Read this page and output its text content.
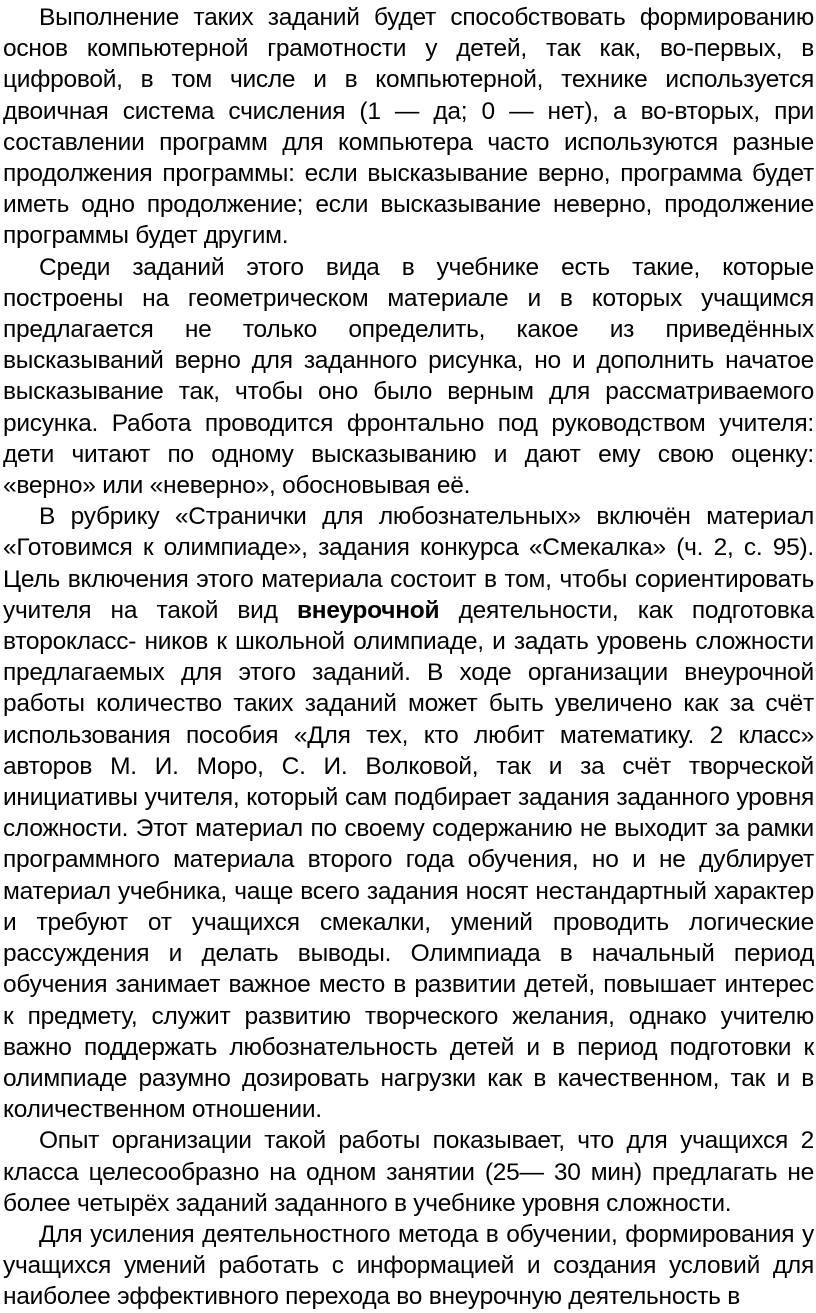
Выполнение таких заданий будет способствовать формированию основ компьютерной грамотности у детей, так как, во-первых, в цифровой, в том числе и в компьютерной, технике используется двоичная система счисления (1 — да; 0 — нет), а во-вторых, при составлении программ для компьютера часто используются разные продолжения программы: если высказывание верно, программа будет иметь одно продолжение; если высказывание неверно, продолжение программы будет другим.

Среди заданий этого вида в учебнике есть такие, которые построены на геометрическом материале и в которых учащимся предлагается не только определить, какое из приведённых высказываний верно для заданного рисунка, но и дополнить начатое высказывание так, чтобы оно было верным для рассматриваемого рисунка. Работа проводится фронтально под руководством учителя: дети читают по одному высказыванию и дают ему свою оценку: «верно» или «неверно», обосновывая её.

В рубрику «Странички для любознательных» включён материал «Готовимся к олимпиаде», задания конкурса «Смекалка» (ч. 2, с. 95). Цель включения этого материала состоит в том, чтобы сориентировать учителя на такой вид внеурочной деятельности, как подготовка второкласс- ников к школьной олимпиаде, и задать уровень сложности предлагаемых для этого заданий. В ходе организации внеурочной работы количество таких заданий может быть увеличено как за счёт использования пособия «Для тех, кто любит математику. 2 класс» авторов М. И. Моро, С. И. Волковой, так и за счёт творческой инициативы учителя, который сам подбирает задания заданного уровня сложности. Этот материал по своему содержанию не выходит за рамки программного материала второго года обучения, но и не дублирует материал учебника, чаще всего задания носят нестандартный характер и требуют от учащихся смекалки, умений проводить логические рассуждения и делать выводы. Олимпиада в начальный период обучения занимает важное место в развитии детей, повышает интерес к предмету, служит развитию творческого желания, однако учителю важно поддержать любознательность детей и в период подготовки к олимпиаде разумно дозировать нагрузки как в качественном, так и в количественном отношении.

Опыт организации такой работы показывает, что для учащихся 2 класса целесообразно на одном занятии (25— 30 мин) предлагать не более четырёх заданий заданного в учебнике уровня сложности.

Для усиления деятельностного метода в обучении, формирования у учащихся умений работать с информацией и создания условий для наиболее эффективного перехода во внеурочную деятельность в
